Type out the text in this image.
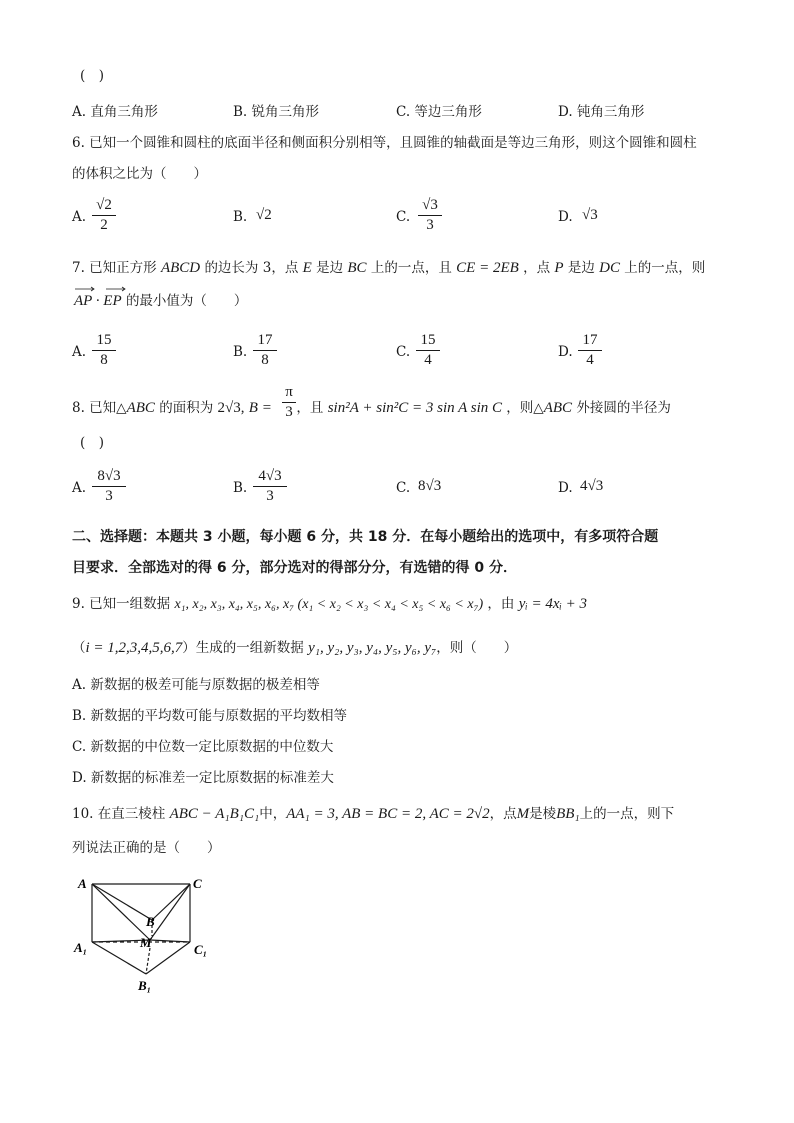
(　)
A. 直角三角形	B. 锐角三角形	C. 等边三角形	D. 钝角三角形
6. 已知一个圆锥和圆柱的底面半径和侧面积分别相等，且圆锥的轴截面是等边三角形，则这个圆锥和圆柱
的体积之比为（　　）
A.
√2
2	B. √2	C.
√3
3	D. √3
7. 已知正方形 ABCD 的边长为 3，点 E 是边 BC 上的一点，且 CE = 2EB ，点 P 是边 DC 上的一点，则
AP · EP 的最小值为（　　）
A.
15
8	B.
17
8	C.
15
4	D.
17
4
8. 已知△ABC 的面积为 2√3, B = ，且 sin²A + sin²C = 3 sin A sin C ，则△ABC 外接圆的半径为
π
3
(　)
A.
8√3
3	B.
4√3
3	C. 8√3	D. 4√3
二、选择题：本题共 3 小题，每小题 6 分，共 18 分．在每小题给出的选项中，有多项符合题
目要求．全部选对的得 6 分，部分选对的得部分分，有选错的得 0 分．
9. 已知一组数据 x₁, x₂, x₃, x₄, x₅, x₆, x₇ (x₁ < x₂ < x₃ < x₄ < x₅ < x₆ < x₇) ，由 yᵢ = 4xᵢ + 3
（i = 1,2,3,4,5,6,7）生成的一组新数据 y₁, y₂, y₃, y₄, y₅, y₆, y₇，则（　　）
A. 新数据的极差可能与原数据的极差相等
B. 新数据的平均数可能与原数据的平均数相等
C. 新数据的中位数一定比原数据的中位数大
D. 新数据的标准差一定比原数据的标准差大
10. 在直三棱柱 ABC − A₁B₁C₁中，AA₁ = 3, AB = BC = 2, AC = 2√2，点M是棱BB₁上的一点，则下
列说法正确的是（　　）
A	C
B
M
A₁	C₁
B₁
